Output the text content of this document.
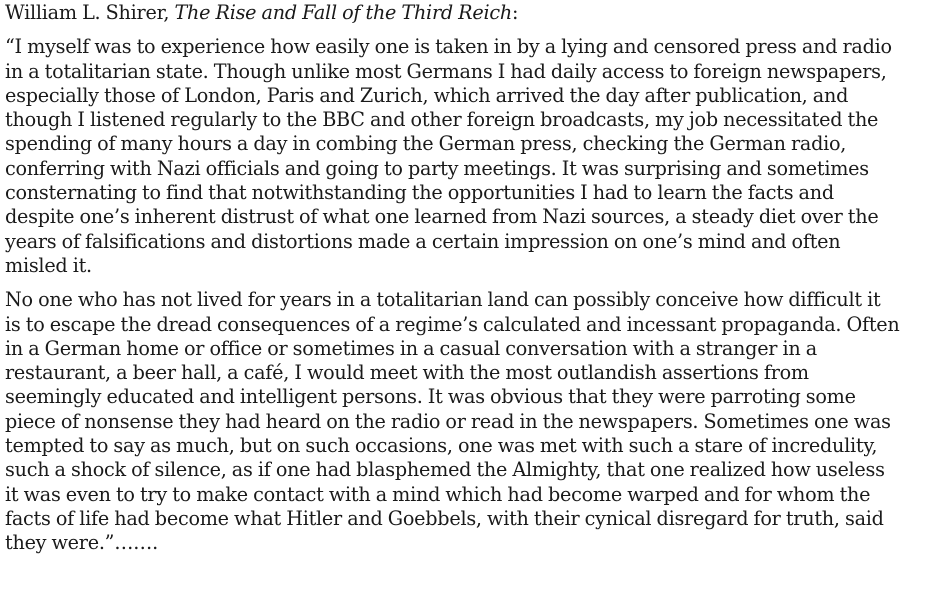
William L. Shirer, The Rise and Fall of the Third Reich:
“I myself was to experience how easily one is taken in by a lying and censored press and radio
in a totalitarian state. Though unlike most Germans I had daily access to foreign newspapers,
especially those of London, Paris and Zurich, which arrived the day after publication, and
though I listened regularly to the BBC and other foreign broadcasts, my job necessitated the
spending of many hours a day in combing the German press, checking the German radio,
conferring with Nazi officials and going to party meetings. It was surprising and sometimes
consternating to find that notwithstanding the opportunities I had to learn the facts and
despite one’s inherent distrust of what one learned from Nazi sources, a steady diet over the
years of falsifications and distortions made a certain impression on one’s mind and often
misled it.
No one who has not lived for years in a totalitarian land can possibly conceive how difficult it
is to escape the dread consequences of a regime’s calculated and incessant propaganda. Often
in a German home or office or sometimes in a casual conversation with a stranger in a
restaurant, a beer hall, a café, I would meet with the most outlandish assertions from
seemingly educated and intelligent persons. It was obvious that they were parroting some
piece of nonsense they had heard on the radio or read in the newspapers. Sometimes one was
tempted to say as much, but on such occasions, one was met with such a stare of incredulity,
such a shock of silence, as if one had blasphemed the Almighty, that one realized how useless
it was even to try to make contact with a mind which had become warped and for whom the
facts of life had become what Hitler and Goebbels, with their cynical disregard for truth, said
they were.”…….
